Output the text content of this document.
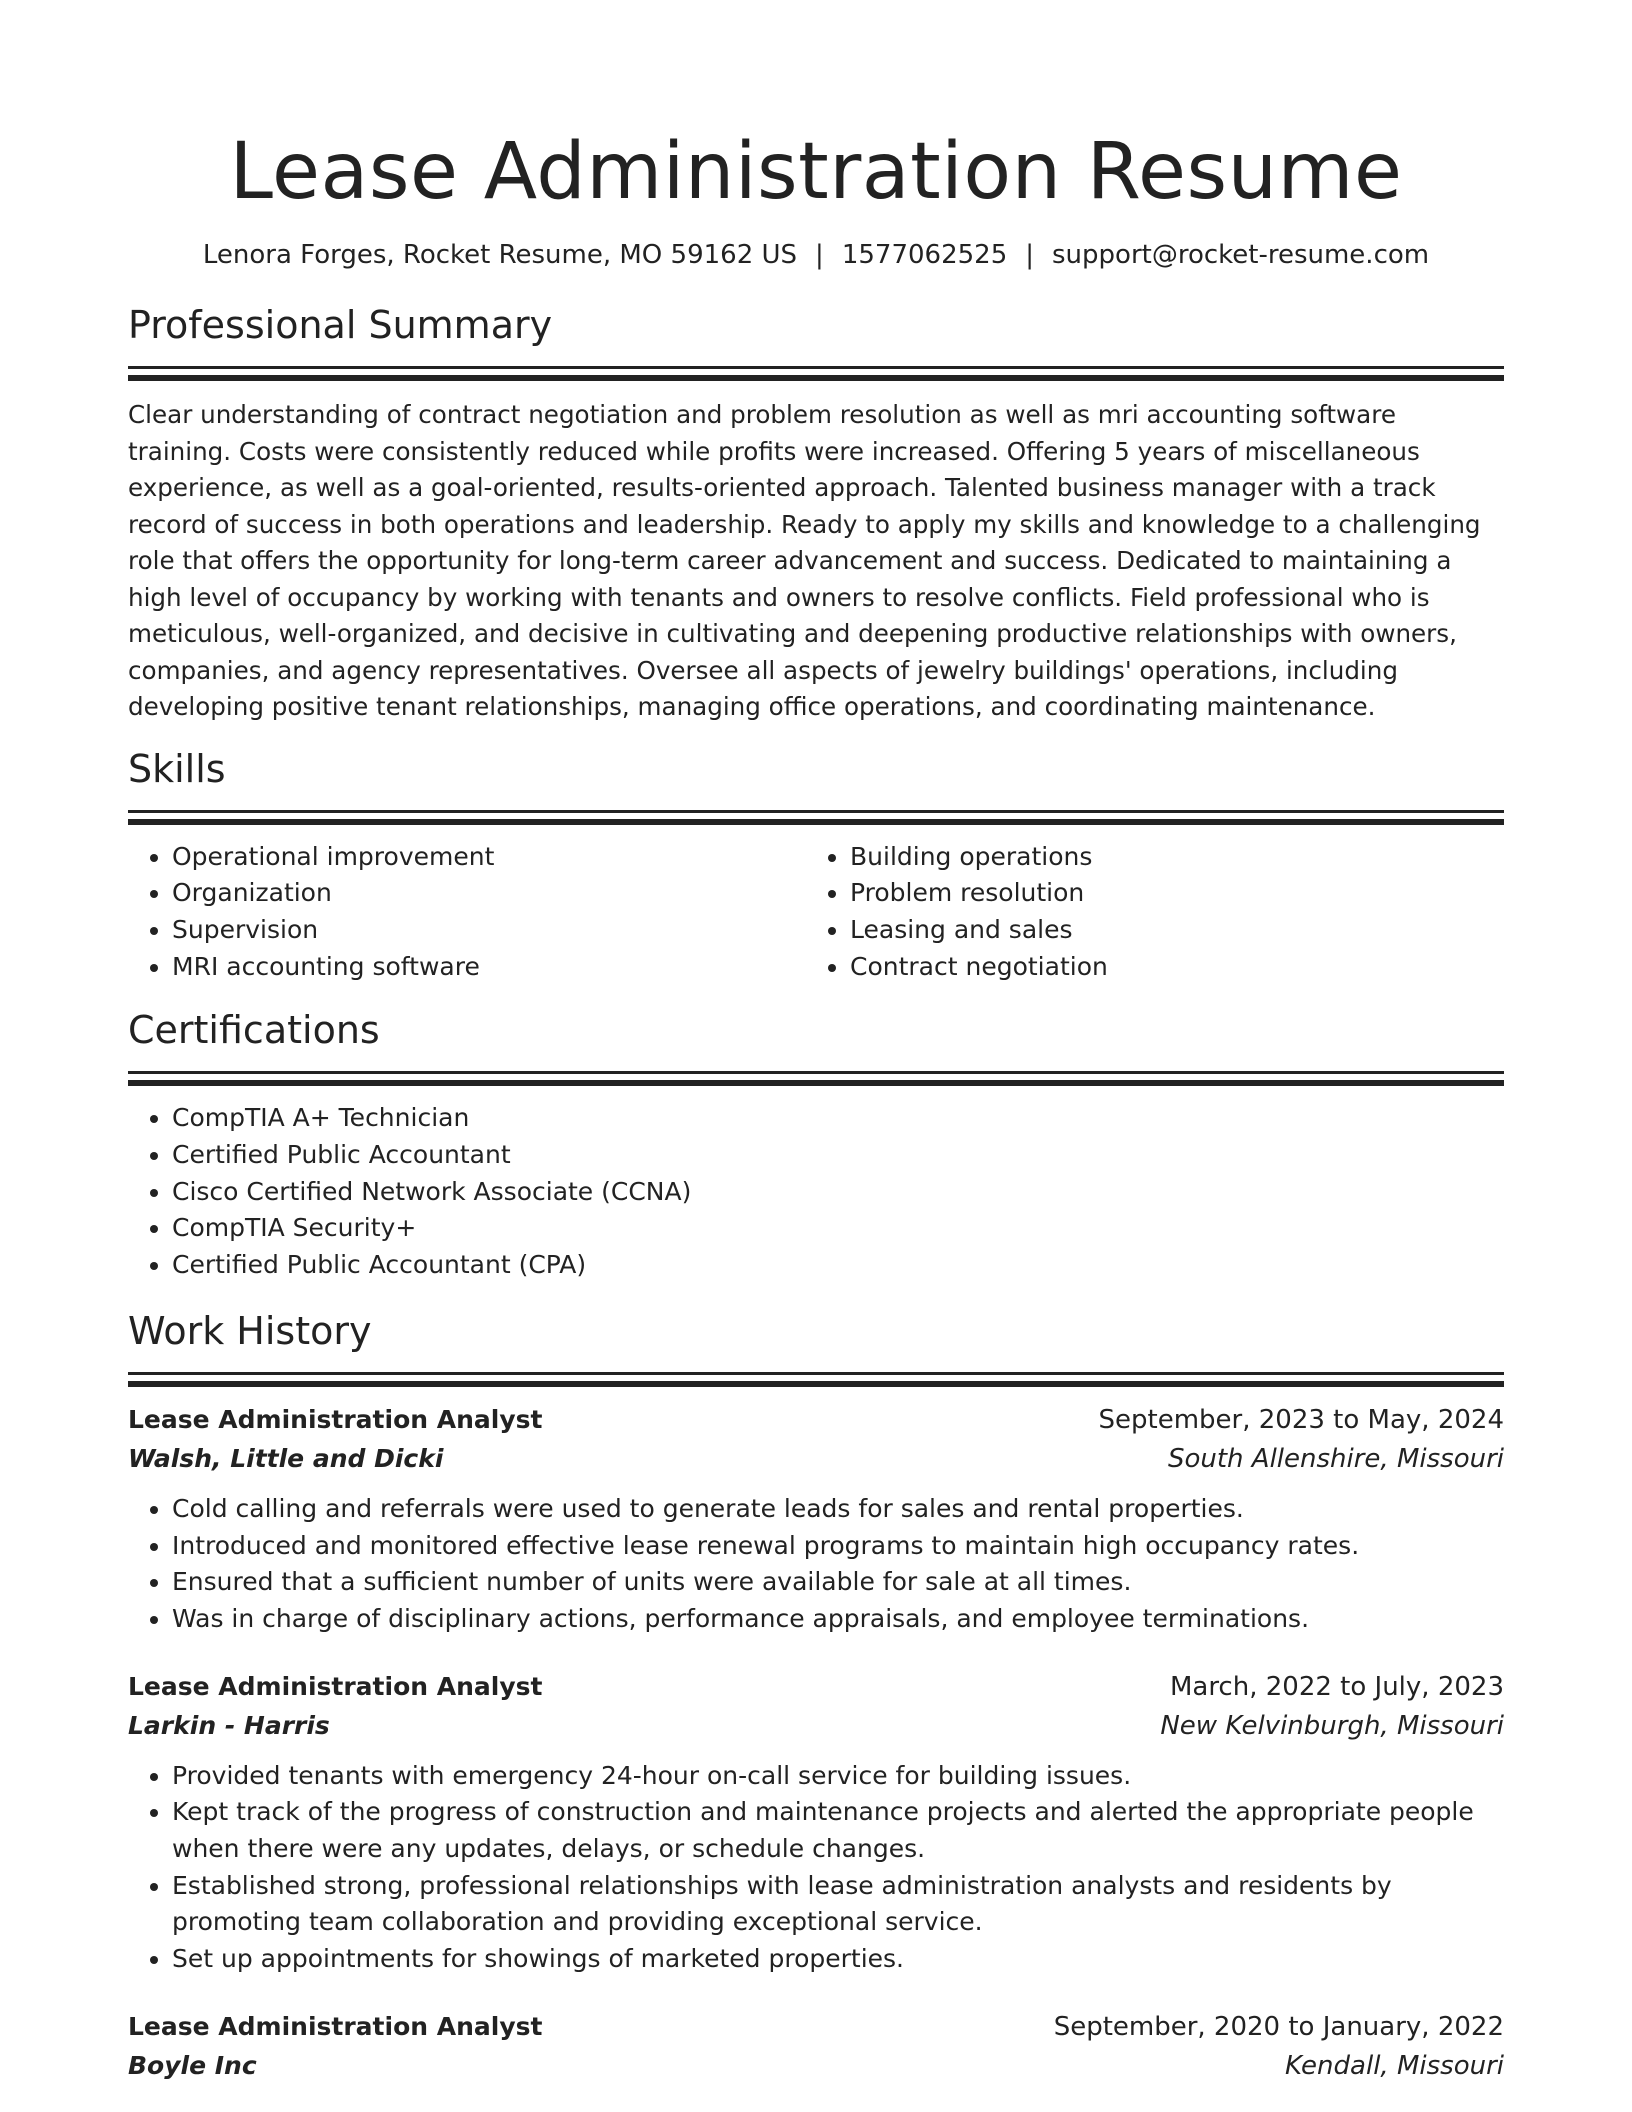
Lease Administration Resume
Lenora Forges, Rocket Resume, MO 59162 US | 1577062525 | support@rocket-resume.com
Professional Summary
Clear understanding of contract negotiation and problem resolution as well as mri accounting software training. Costs were consistently reduced while profits were increased. Offering 5 years of miscellaneous experience, as well as a goal-oriented, results-oriented approach. Talented business manager with a track record of success in both operations and leadership. Ready to apply my skills and knowledge to a challenging role that offers the opportunity for long-term career advancement and success. Dedicated to maintaining a high level of occupancy by working with tenants and owners to resolve conflicts. Field professional who is meticulous, well-organized, and decisive in cultivating and deepening productive relationships with owners, companies, and agency representatives. Oversee all aspects of jewelry buildings' operations, including developing positive tenant relationships, managing office operations, and coordinating maintenance.
Skills
• Operational improvement
• Organization
• Supervision
• MRI accounting software
• Building operations
• Problem resolution
• Leasing and sales
• Contract negotiation
Certifications
• CompTIA A+ Technician
• Certified Public Accountant
• Cisco Certified Network Associate (CCNA)
• CompTIA Security+
• Certified Public Accountant (CPA)
Work History
Lease Administration Analyst	September, 2023 to May, 2024
Walsh, Little and Dicki	South Allenshire, Missouri
• Cold calling and referrals were used to generate leads for sales and rental properties.
• Introduced and monitored effective lease renewal programs to maintain high occupancy rates.
• Ensured that a sufficient number of units were available for sale at all times.
• Was in charge of disciplinary actions, performance appraisals, and employee terminations.
Lease Administration Analyst	March, 2022 to July, 2023
Larkin - Harris	New Kelvinburgh, Missouri
• Provided tenants with emergency 24-hour on-call service for building issues.
• Kept track of the progress of construction and maintenance projects and alerted the appropriate people when there were any updates, delays, or schedule changes.
• Established strong, professional relationships with lease administration analysts and residents by promoting team collaboration and providing exceptional service.
• Set up appointments for showings of marketed properties.
Lease Administration Analyst	September, 2020 to January, 2022
Boyle Inc	Kendall, Missouri
